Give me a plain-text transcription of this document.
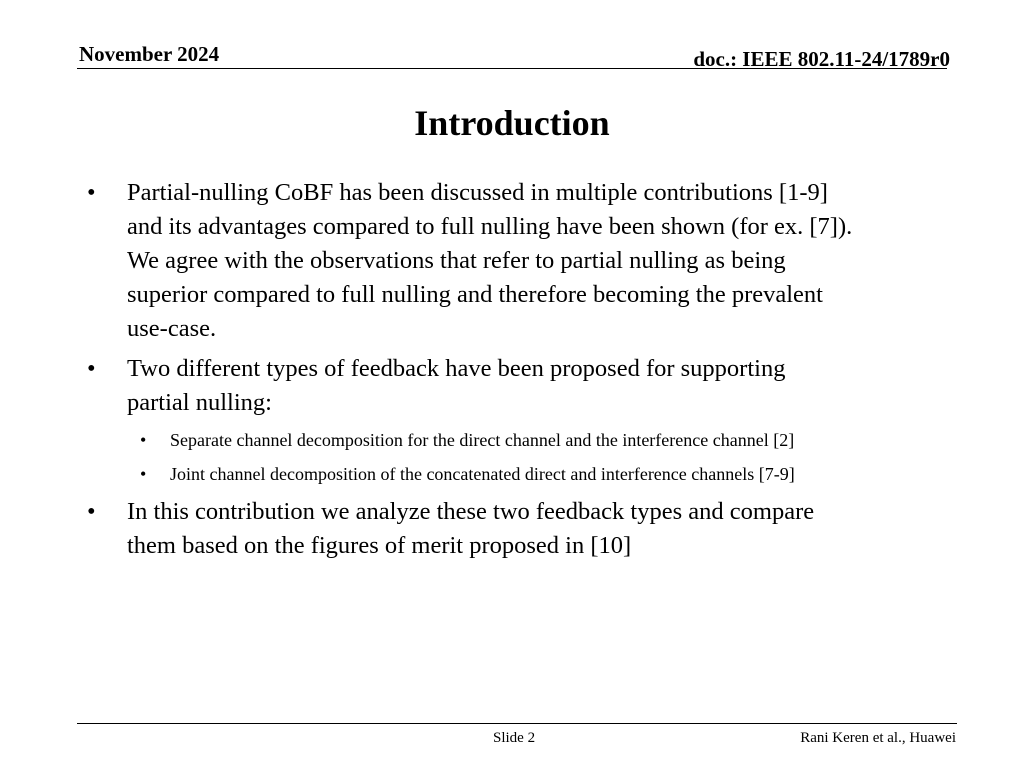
November 2024	doc.: IEEE 802.11-24/1789r0
Introduction
•	Partial-nulling CoBF has been discussed in multiple contributions [1-9]
and its advantages compared to full nulling have been shown (for ex. [7]).
We agree with the observations that refer to partial nulling as being
superior compared to full nulling and therefore becoming the prevalent
use-case.
•	Two different types of feedback have been proposed for supporting
partial nulling:
•	Separate channel decomposition for the direct channel and the interference channel [2]
•	Joint channel decomposition of the concatenated direct and interference channels [7-9]
•	In this contribution we analyze these two feedback types and compare
them based on the figures of merit proposed in [10]
Slide 2	Rani Keren et al., Huawei
